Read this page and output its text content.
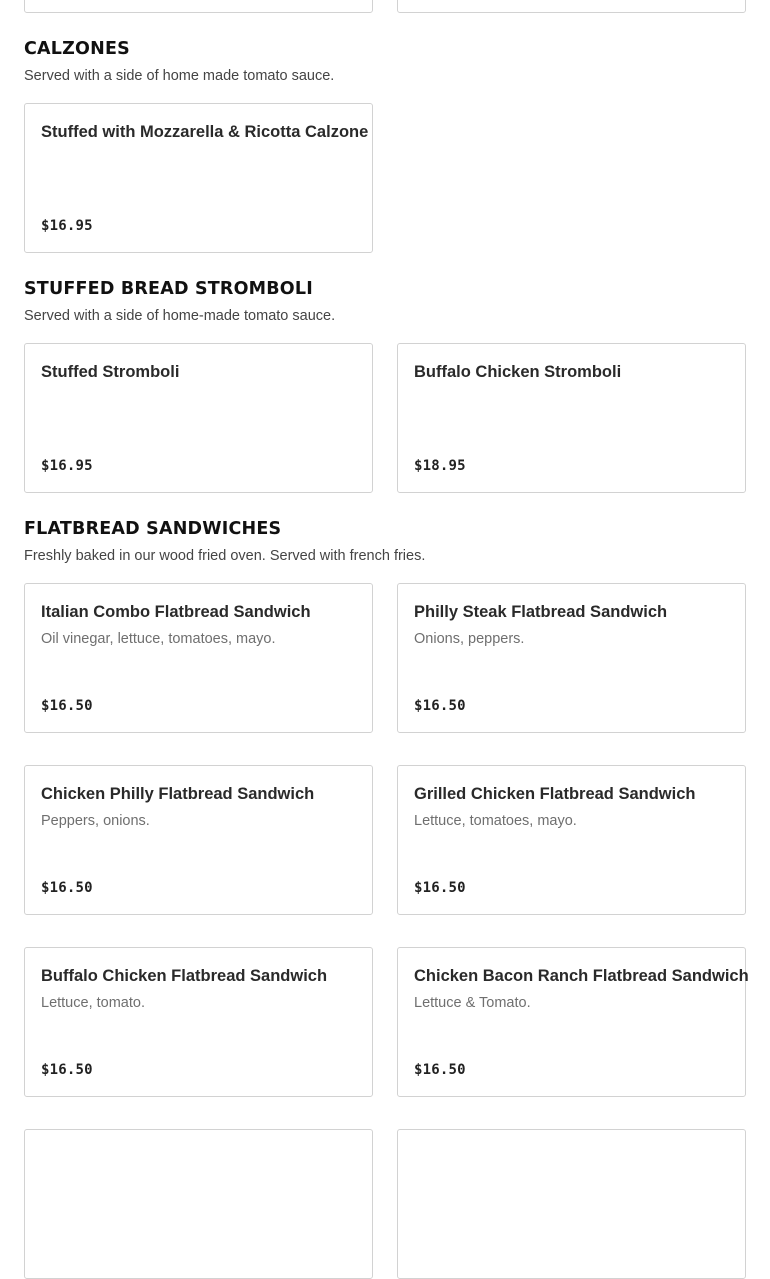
CALZONES

Served with a side of home made tomato sauce.

Stuffed with Mozzarella & Ricotta Calzone
$16.95
STUFFED BREAD STROMBOLI

Served with a side of home-made tomato sauce.

Stuffed Stromboli
$16.95
Buffalo Chicken Stromboli
$18.95
FLATBREAD SANDWICHES

Freshly baked in our wood fried oven. Served with french fries.

Italian Combo Flatbread Sandwich
Oil vinegar, lettuce, tomatoes, mayo.
$16.50
Philly Steak Flatbread Sandwich
Onions, peppers.
$16.50
Chicken Philly Flatbread Sandwich
Peppers, onions.
$16.50
Grilled Chicken Flatbread Sandwich
Lettuce, tomatoes, mayo.
$16.50
Buffalo Chicken Flatbread Sandwich
Lettuce, tomato.
$16.50
Chicken Bacon Ranch Flatbread Sandwich
Lettuce & Tomato.
$16.50
